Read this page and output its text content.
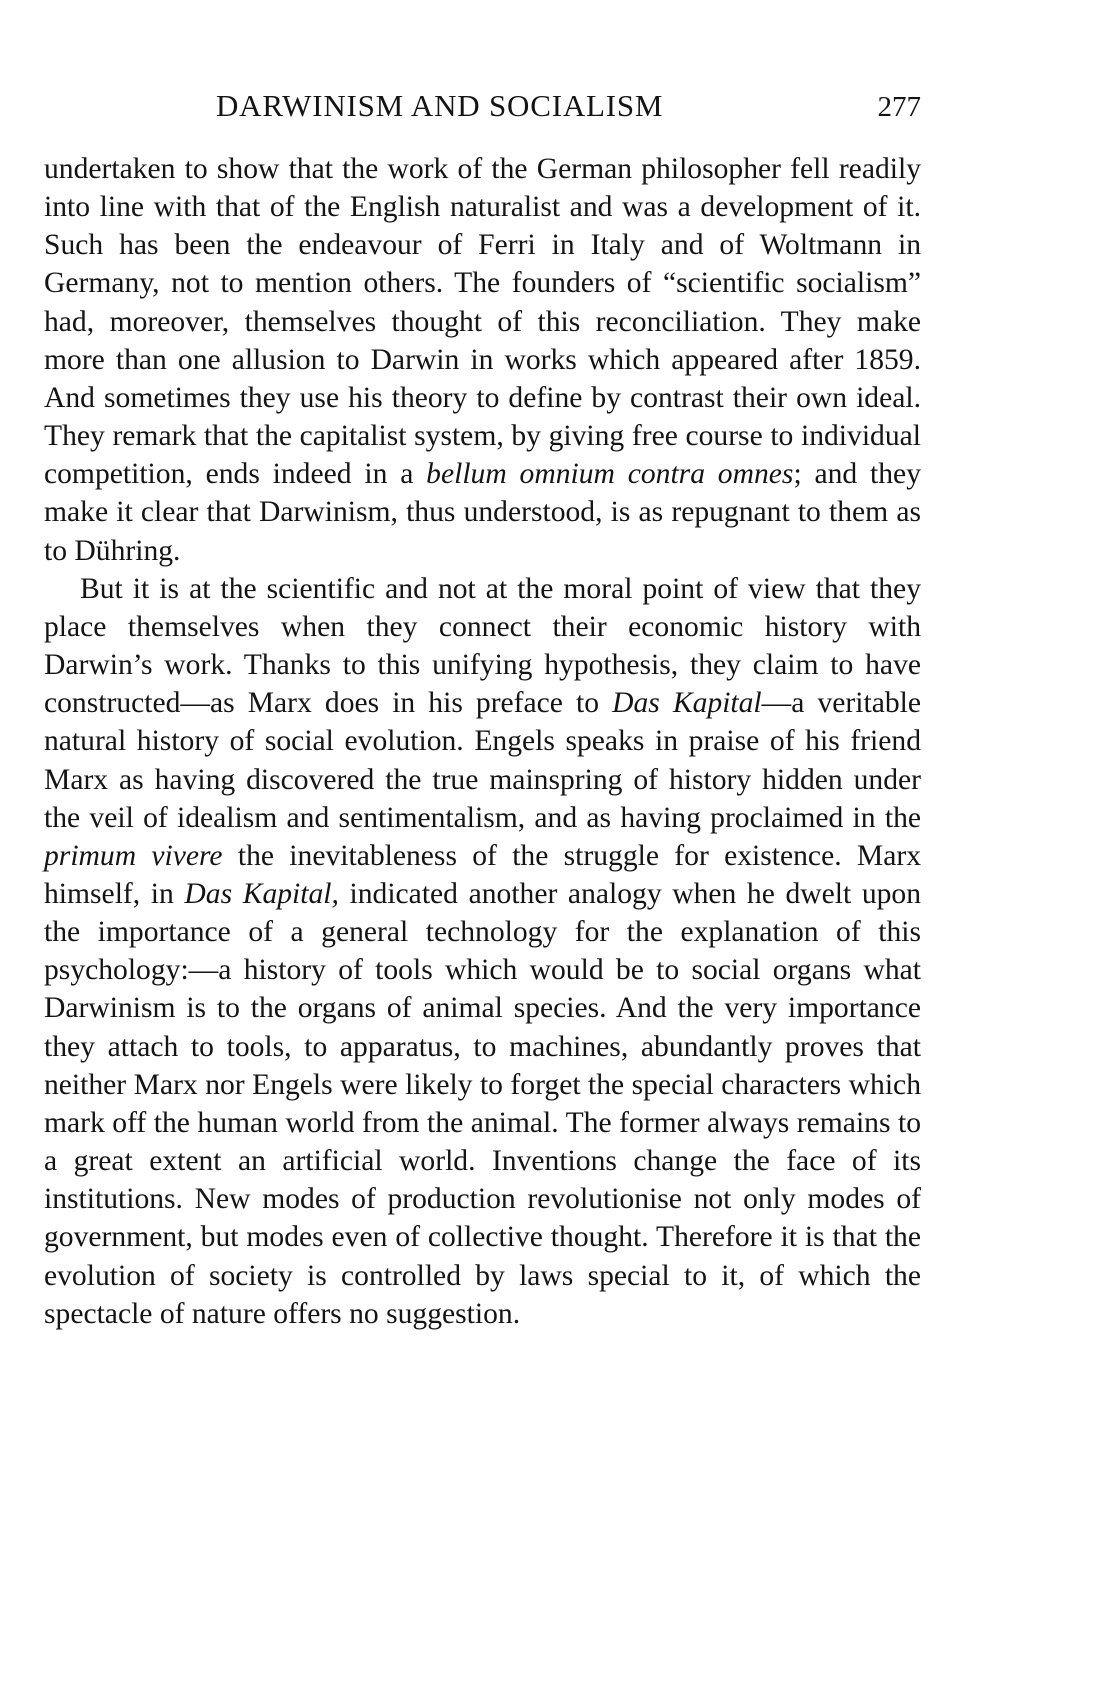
DARWINISM AND SOCIALISM	277

undertaken to show that the work of the German philosopher fell readily into line with that of the English naturalist and was a development of it. Such has been the endeavour of Ferri in Italy and of Woltmann in Germany, not to mention others. The founders of “scientific socialism” had, moreover, themselves thought of this reconciliation. They make more than one allusion to Darwin in works which appeared after 1859. And sometimes they use his theory to define by contrast their own ideal. They remark that the capitalist system, by giving free course to individual competition, ends indeed in a bellum omnium contra omnes; and they make it clear that Darwinism, thus understood, is as repugnant to them as to Dühring.

But it is at the scientific and not at the moral point of view that they place themselves when they connect their economic history with Darwin’s work. Thanks to this unifying hypothesis, they claim to have constructed—as Marx does in his preface to Das Kapital—a veritable natural history of social evolution. Engels speaks in praise of his friend Marx as having discovered the true mainspring of history hidden under the veil of idealism and sentimentalism, and as having proclaimed in the primum vivere the inevitableness of the struggle for existence. Marx himself, in Das Kapital, indicated another analogy when he dwelt upon the importance of a general technology for the explanation of this psychology:—a history of tools which would be to social organs what Darwinism is to the organs of animal species. And the very importance they attach to tools, to apparatus, to machines, abundantly proves that neither Marx nor Engels were likely to forget the special characters which mark off the human world from the animal. The former always remains to a great extent an artificial world. Inventions change the face of its institutions. New modes of production revolutionise not only modes of government, but modes even of collective thought. Therefore it is that the evolution of society is controlled by laws special to it, of which the spectacle of nature offers no suggestion.
